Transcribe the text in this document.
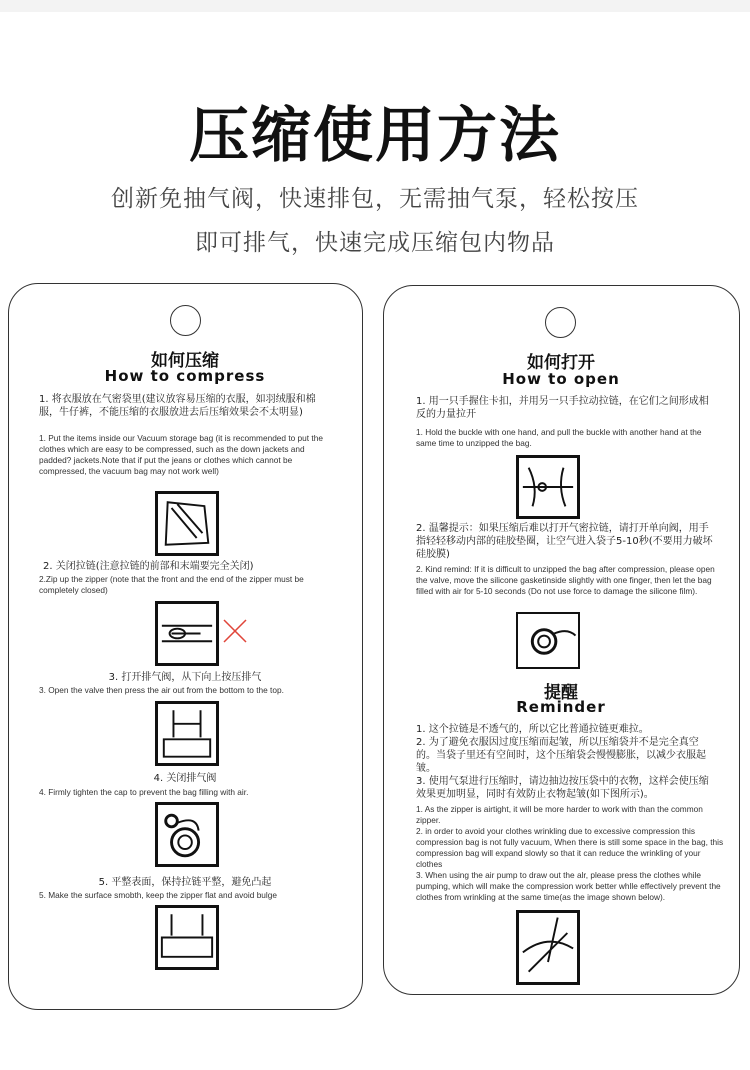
压缩使用方法
创新免抽气阀，快速排包，无需抽气泵，轻松按压
即可排气，快速完成压缩包内物品
如何压缩
How to compress
1. 将衣服放在气密袋里(建议放容易压缩的衣服，如羽绒服和棉服，牛仔裤，不能压缩的衣服放进去后压缩效果会不太明显)
1. Put the items inside our Vacuum storage bag (it is recommended to put the clothes which are easy to be compressed, such as the down jackets and padded? jackets.Note that if put the jeans or clothes which cannot be compressed, the vacuum bag may not work well)
2. 关闭拉链(注意拉链的前部和末端要完全关闭)
2.Zip up the zipper (note that the front and the end of the zipper must be completely closed)
3. 打开排气阀，从下向上按压排气
3. Open the valve then press the air out from the bottom to the top.
4. 关闭排气阀
4. Firmly tighten the cap to prevent the bag filling with air.
5. 平整表面，保持拉链平整，避免凸起
5. Make the surface smobth, keep the zipper flat and avoid bulge
如何打开
How to open
1. 用一只手握住卡扣，并用另一只手拉动拉链，在它们之间形成相反的力量拉开
1. Hold the buckle with one hand, and pull the buckle with another hand at the same time to unzipped the bag.
2. 温馨提示：如果压缩后难以打开气密拉链，请打开单向阀，用手指轻轻移动内部的硅胶垫圈，让空气进入袋子5-10秒(不要用力破坏硅胶膜)
2. Kind remind: If it is difficult to unzipped the bag after compression, please open the valve, move the silicone gasketinside slightly with one finger, then let the bag filled with air for 5-10 seconds (Do not use force to damage the silicone film).
提醒
Reminder
1. 这个拉链是不透气的，所以它比普通拉链更难拉。
2. 为了避免衣服因过度压缩而起皱，所以压缩袋并不是完全真空的。当袋子里还有空间时，这个压缩袋会慢慢膨胀，以减少衣服起皱。
3. 使用气泵进行压缩时，请边抽边按压袋中的衣物，这样会使压缩效果更加明显，同时有效防止衣物起皱(如下图所示)。
1. As the zipper is airtight, it will be more harder to work with than the common zipper.
2. in order to avoid your clothes wrinkling due to excessive compression this compression bag is not fully vacuum, When there is still some space in the bag, this compression bag will expand slowly so that it can reduce the wrinkling of your clothes
3. When using the air pump to draw out the alr, please press the clothes while pumping, which will make the compression work better whlle effectively prevent the clothes from wrinkling at the same time(as the image shown below).
